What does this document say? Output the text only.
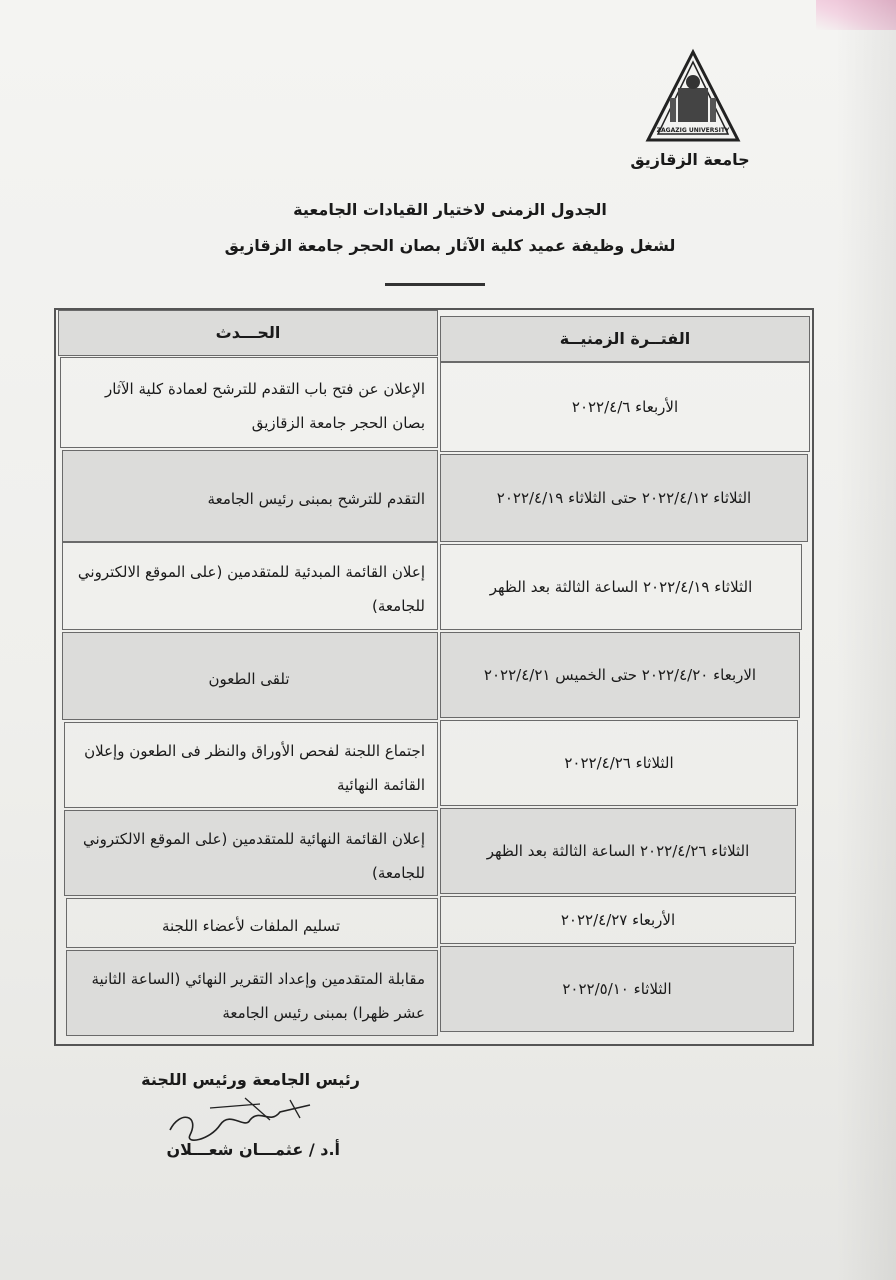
ZAGAZIG UNIVERSITY
جامعة الزقازيق
الجدول الزمنى لاختيار القيادات الجامعية
لشغل وظيفة عميد كلية الآثار بصان الحجر جامعة الزقازيق
الفتــرة الزمنيــة
الحـــدث
الأربعاء ٢٠٢٢/٤/٦
الإعلان عن فتح باب التقدم للترشح لعمادة كلية الآثار بصان الحجر جامعة الزقازيق
الثلاثاء ٢٠٢٢/٤/١٢ حتى الثلاثاء ٢٠٢٢/٤/١٩
التقدم للترشح بمبنى رئيس الجامعة
الثلاثاء ٢٠٢٢/٤/١٩ الساعة الثالثة بعد الظهر
إعلان القائمة المبدئية للمتقدمين (على الموقع الالكتروني للجامعة)
الاربعاء ٢٠٢٢/٤/٢٠ حتى الخميس ٢٠٢٢/٤/٢١
تلقى الطعون
الثلاثاء ٢٠٢٢/٤/٢٦
اجتماع اللجنة لفحص الأوراق والنظر فى الطعون وإعلان القائمة النهائية
الثلاثاء ٢٠٢٢/٤/٢٦ الساعة الثالثة بعد الظهر
إعلان القائمة النهائية للمتقدمين (على الموقع الالكتروني للجامعة)
الأربعاء ٢٠٢٢/٤/٢٧
تسليم الملفات لأعضاء اللجنة
الثلاثاء ٢٠٢٢/٥/١٠
مقابلة المتقدمين وإعداد التقرير النهائي (الساعة الثانية عشر ظهرا) بمبنى رئيس الجامعة
رئيس الجامعة ورئيس اللجنة
أ.د / عثمـــان شعـــلان
